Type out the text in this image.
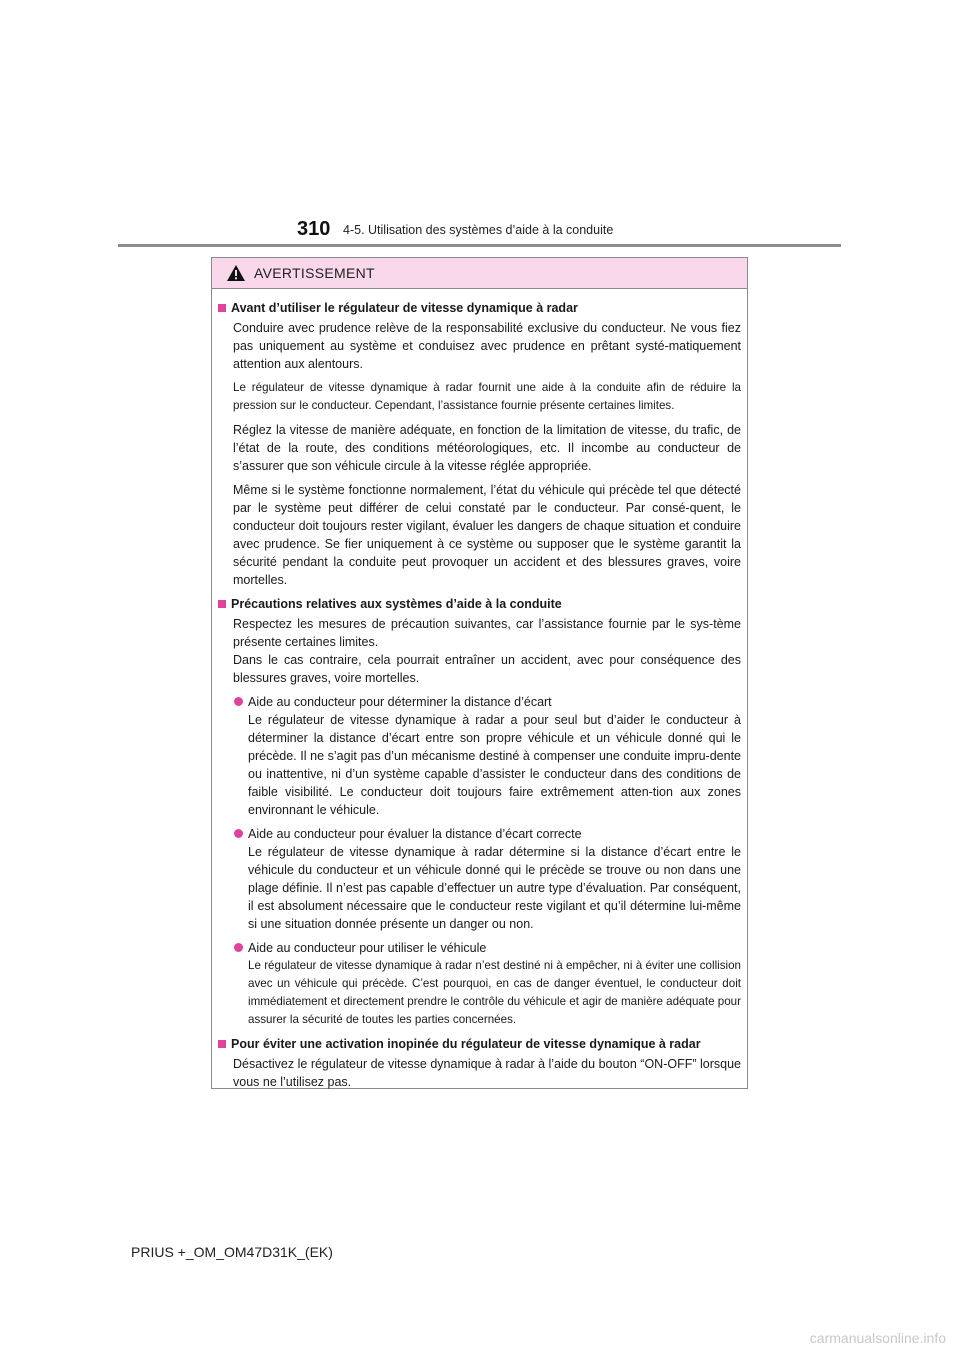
310 4-5. Utilisation des systèmes d’aide à la conduite
AVERTISSEMENT
Avant d’utiliser le régulateur de vitesse dynamique à radar
Conduire avec prudence relève de la responsabilité exclusive du conducteur. Ne vous fiez pas uniquement au système et conduisez avec prudence en prêtant systé-matiquement attention aux alentours.
Le régulateur de vitesse dynamique à radar fournit une aide à la conduite afin de réduire la pression sur le conducteur. Cependant, l’assistance fournie présente certaines limites.
Réglez la vitesse de manière adéquate, en fonction de la limitation de vitesse, du trafic, de l’état de la route, des conditions météorologiques, etc. Il incombe au conducteur de s’assurer que son véhicule circule à la vitesse réglée appropriée.
Même si le système fonctionne normalement, l’état du véhicule qui précède tel que détecté par le système peut différer de celui constaté par le conducteur. Par consé-quent, le conducteur doit toujours rester vigilant, évaluer les dangers de chaque situation et conduire avec prudence. Se fier uniquement à ce système ou supposer que le système garantit la sécurité pendant la conduite peut provoquer un accident et des blessures graves, voire mortelles.
Précautions relatives aux systèmes d’aide à la conduite
Respectez les mesures de précaution suivantes, car l’assistance fournie par le sys-tème présente certaines limites.
Dans le cas contraire, cela pourrait entraîner un accident, avec pour conséquence des blessures graves, voire mortelles.
Aide au conducteur pour déterminer la distance d’écart
Le régulateur de vitesse dynamique à radar a pour seul but d’aider le conducteur à déterminer la distance d’écart entre son propre véhicule et un véhicule donné qui le précède. Il ne s’agit pas d’un mécanisme destiné à compenser une conduite impru-dente ou inattentive, ni d’un système capable d’assister le conducteur dans des conditions de faible visibilité. Le conducteur doit toujours faire extrêmement atten-tion aux zones environnant le véhicule.
Aide au conducteur pour évaluer la distance d’écart correcte
Le régulateur de vitesse dynamique à radar détermine si la distance d’écart entre le véhicule du conducteur et un véhicule donné qui le précède se trouve ou non dans une plage définie. Il n’est pas capable d’effectuer un autre type d’évaluation. Par conséquent, il est absolument nécessaire que le conducteur reste vigilant et qu’il détermine lui-même si une situation donnée présente un danger ou non.
Aide au conducteur pour utiliser le véhicule
Le régulateur de vitesse dynamique à radar n’est destiné ni à empêcher, ni à éviter une collision avec un véhicule qui précède. C’est pourquoi, en cas de danger éventuel, le conducteur doit immédiatement et directement prendre le contrôle du véhicule et agir de manière adéquate pour assurer la sécurité de toutes les parties concernées.
Pour éviter une activation inopinée du régulateur de vitesse dynamique à radar
Désactivez le régulateur de vitesse dynamique à radar à l’aide du bouton “ON-OFF” lorsque vous ne l’utilisez pas.
PRIUS +_OM_OM47D31K_(EK)
carmanualsonline.info
